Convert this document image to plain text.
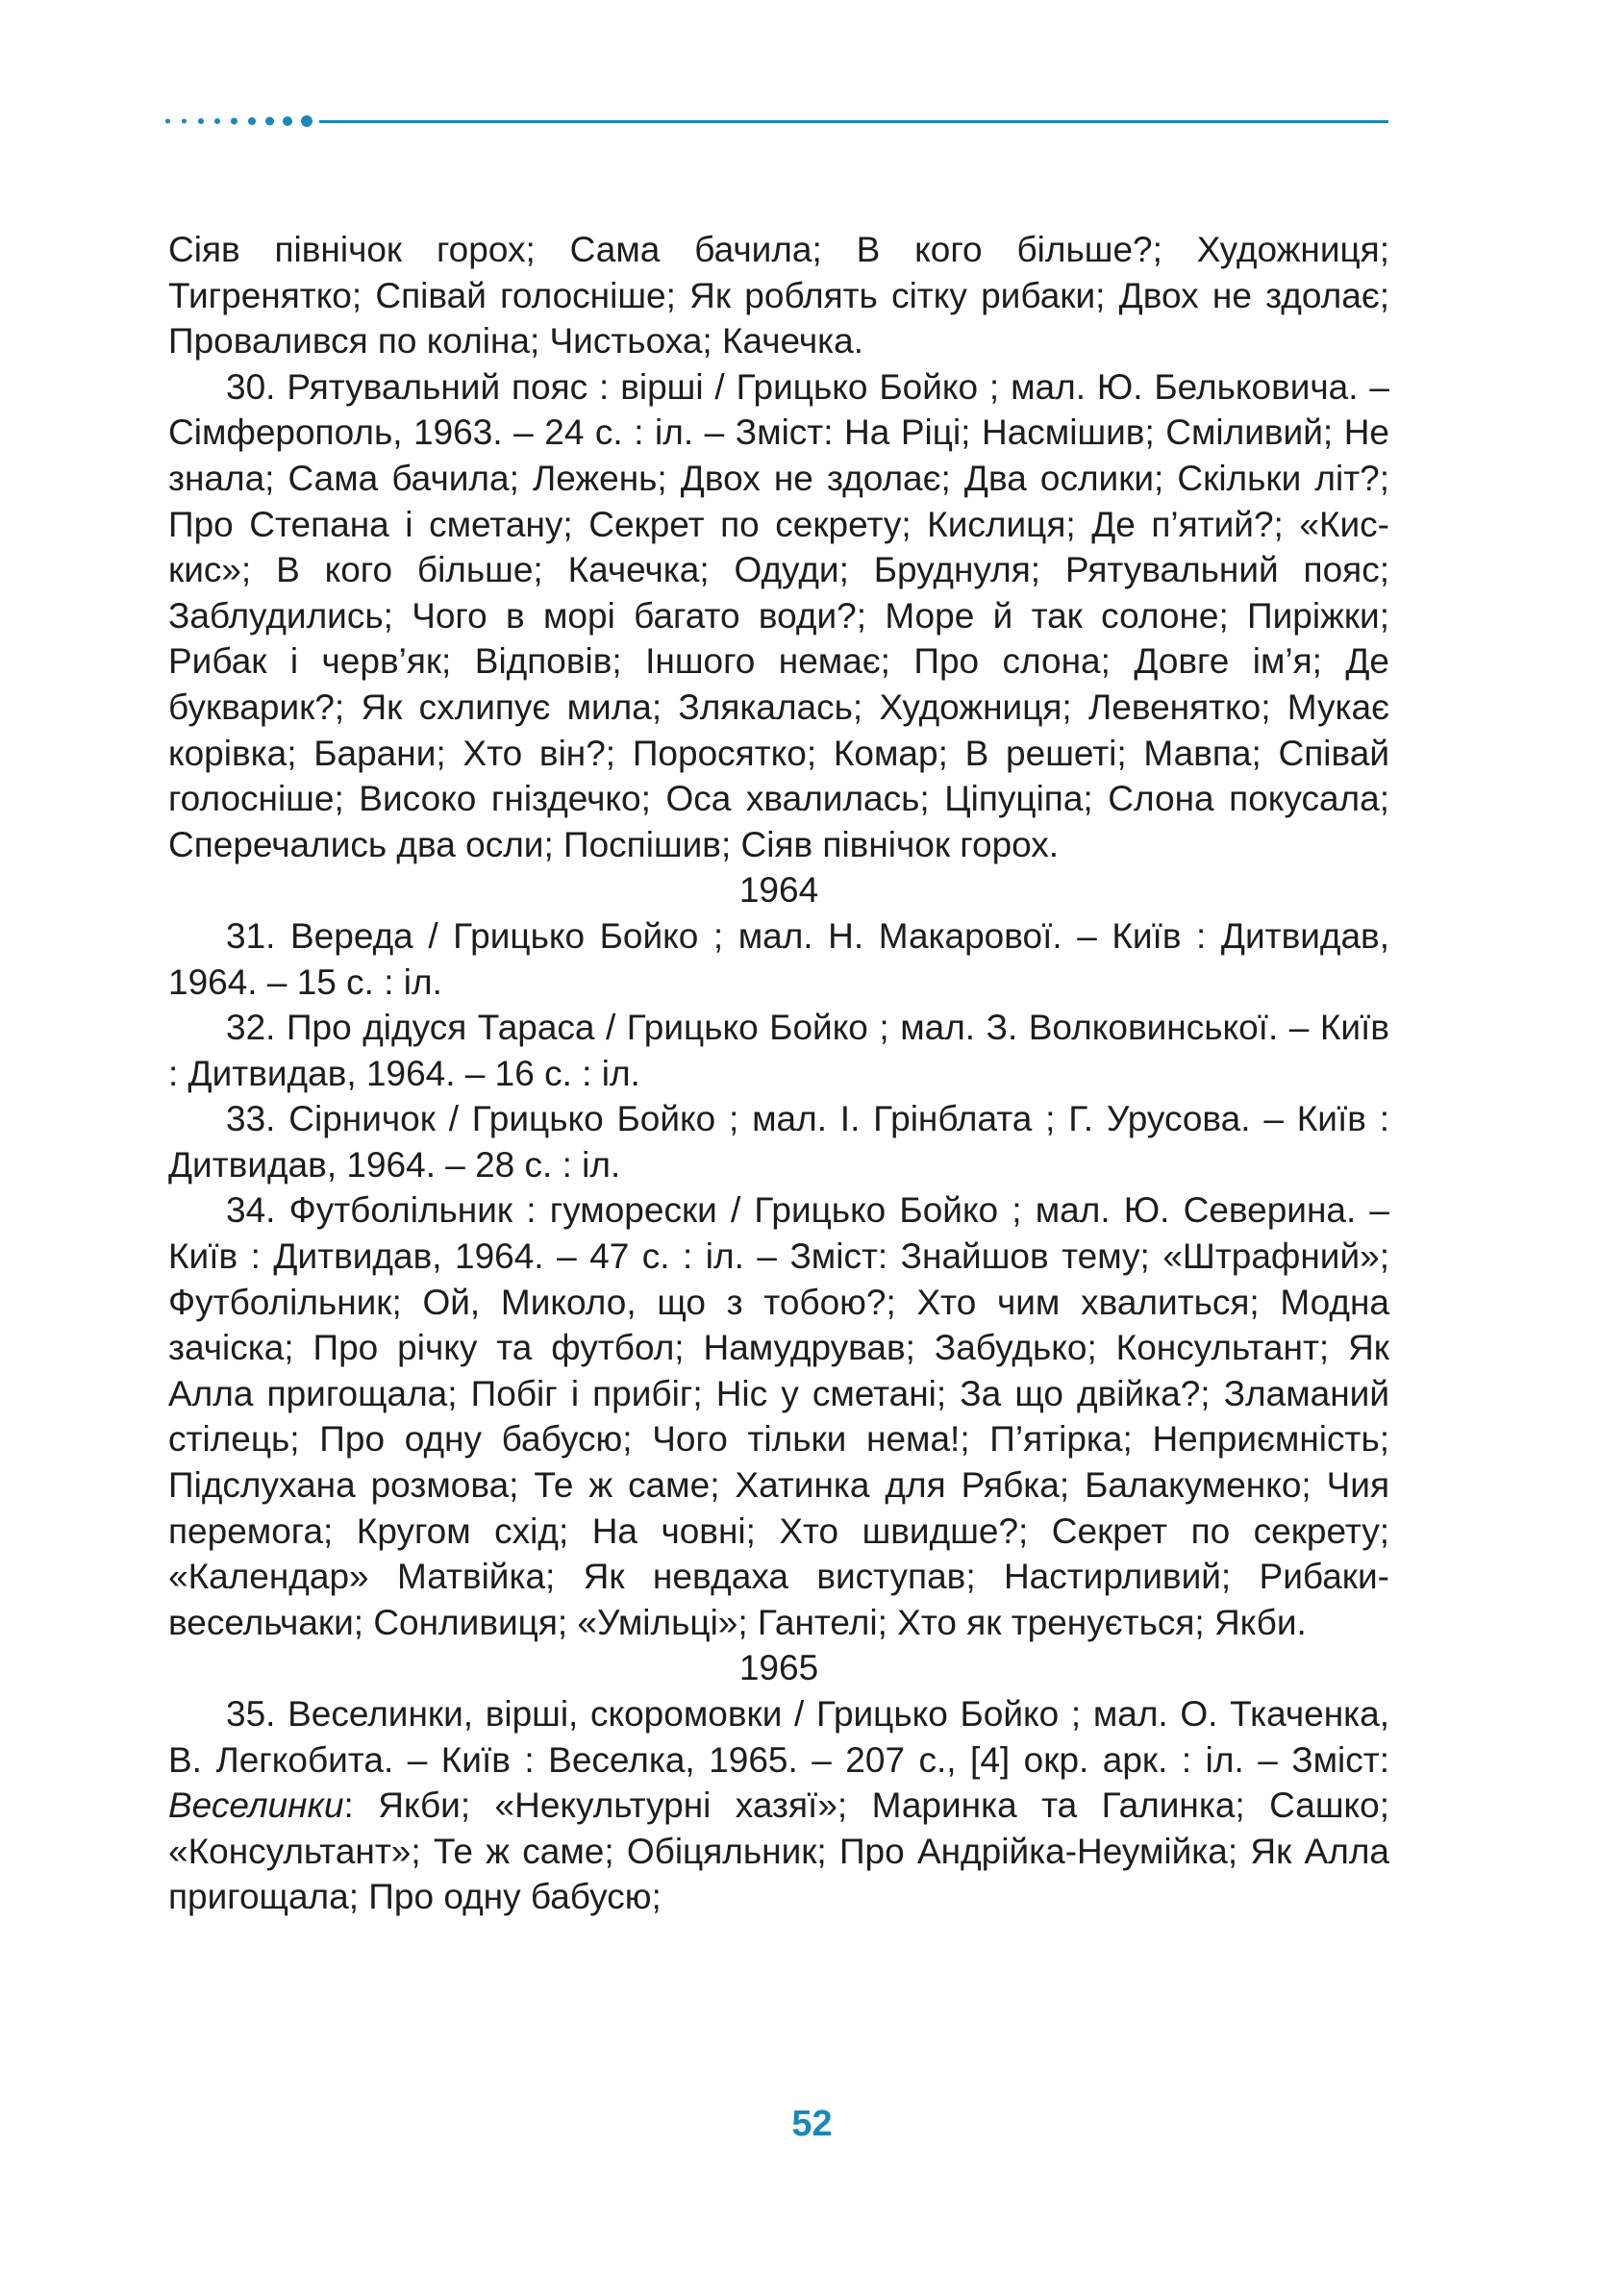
Сіяв північок горох; Сама бачила; В кого більше?; Художниця; Тигренятко; Співай голосніше; Як роблять сітку рибаки; Двох не здолає; Провалився по коліна; Чистьоха; Качечка.

30. Рятувальний пояс : вірші / Грицько Бойко ; мал. Ю. Бельковича. – Сімферополь, 1963. – 24 с. : іл. – Зміст: На Ріці; Насмішив; Сміливий; Не знала; Сама бачила; Лежень; Двох не здолає; Два ослики; Скільки літ?; Про Степана і сметану; Секрет по секрету; Кислиця; Де п’ятий?; «Кис-кис»; В кого більше; Качечка; Одуди; Бруднуля; Рятувальний пояс; Заблудились; Чого в морі багато води?; Море й так солоне; Пиріжки; Рибак і черв’як; Відповів; Іншого немає; Про слона; Довге ім’я; Де букварик?; Як схлипує мила; Злякалась; Художниця; Левенятко; Мукає корівка; Барани; Хто він?; Поросятко; Комар; В решеті; Мавпа; Співай голосніше; Високо гніздечко; Оса хвалилась; Ціпуціпа; Слона покусала; Сперечались два осли; Поспішив; Сіяв північок горох.

1964

31. Вереда / Грицько Бойко ; мал. Н. Макарової. – Київ : Дитвидав, 1964. – 15 с. : іл.

32. Про дідуся Тараса / Грицько Бойко ; мал. З. Волковинської. – Київ : Дитвидав, 1964. – 16 с. : іл.

33. Сірничок / Грицько Бойко ; мал. І. Грінблата ; Г. Урусова. – Київ : Дитвидав, 1964. – 28 с. : іл.

34. Футболільник : гуморески / Грицько Бойко ; мал. Ю. Северина. – Київ : Дитвидав, 1964. – 47 с. : іл. – Зміст: Знайшов тему; «Штрафний»; Футболільник; Ой, Миколо, що з тобою?; Хто чим хвалиться; Модна зачіска; Про річку та футбол; Намудрував; Забудько; Консультант; Як Алла пригощала; Побіг і прибіг; Ніс у сметані; За що двійка?; Зламаний стілець; Про одну бабусю; Чого тільки нема!; П’ятірка; Неприємність; Підслухана розмова; Те ж саме; Хатинка для Рябка; Балакуменко; Чия перемога; Кругом схід; На човні; Хто швидше?; Секрет по секрету; «Календар» Матвійка; Як невдаха виступав; Настирливий; Рибаки-весельчаки; Сонливиця; «Умільці»; Гантелі; Хто як тренується; Якби.

1965

35. Веселинки, вірші, скоромовки / Грицько Бойко ; мал. О. Ткаченка, В. Легкобита. – Київ : Веселка, 1965. – 207 с., [4] окр. арк. : іл. – Зміст: Веселинки: Якби; «Некультурні хазяї»; Маринка та Галинка; Сашко; «Консультант»; Те ж саме; Обіцяльник; Про Андрійка-Неумійка; Як Алла пригощала; Про одну бабусю;

52
